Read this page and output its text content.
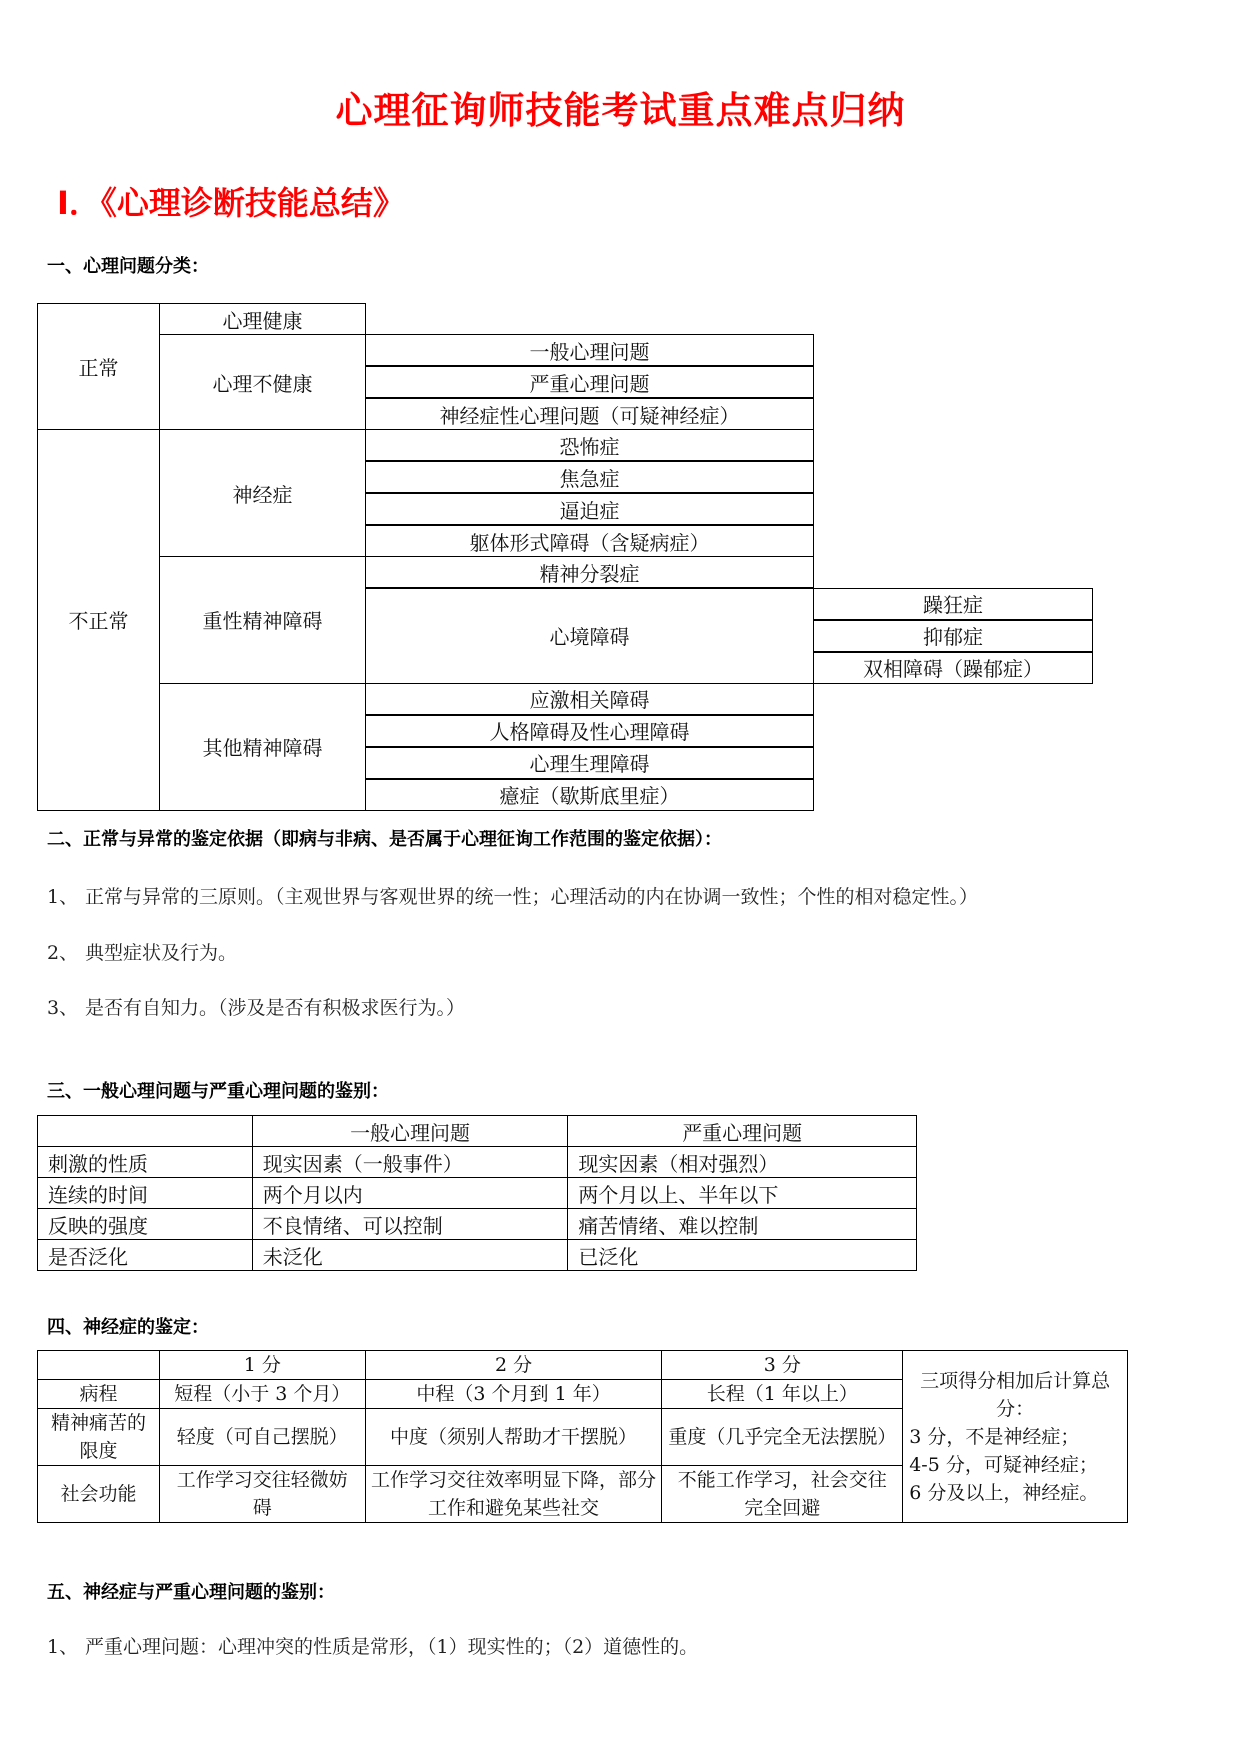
心理征询师技能考试重点难点归纳
Ⅰ．《心理诊断技能总结》
一、心理问题分类：
正常	心理健康		
	心理不健康	一般心理问题	
		严重心理问题	
		神经症性心理问题（可疑神经症）	
不正常	神经症	恐怖症	
		焦急症	
		逼迫症	
		躯体形式障碍（含疑病症）	
	重性精神障碍	精神分裂症	
		心境障碍	躁狂症
			抑郁症
			双相障碍（躁郁症）
	其他精神障碍	应激相关障碍	
		人格障碍及性心理障碍	
		心理生理障碍	
		癔症（歇斯底里症）	
二、正常与异常的鉴定依据（即病与非病、是否属于心理征询工作范围的鉴定依据）：
1、 正常与异常的三原则。（主观世界与客观世界的统一性；心理活动的内在协调一致性；个性的相对稳定性。）
2、 典型症状及行为。
3、 是否有自知力。（涉及是否有积极求医行为。）
三、一般心理问题与严重心理问题的鉴别：
	一般心理问题	严重心理问题
刺激的性质	现实因素（一般事件）	现实因素（相对强烈）
连续的时间	两个月以内	两个月以上、半年以下
反映的强度	不良情绪、可以控制	痛苦情绪、难以控制
是否泛化	未泛化	已泛化
四、神经症的鉴定：
	1 分	2 分	3 分	三项得分相加后计算总分：
3 分，不是神经症；
4-5 分，可疑神经症；
6 分及以上，神经症。

病程	短程（小于 3 个月）	中程（3 个月到 1 年）	长程（1 年以上）	
精神痛苦的限度	轻度（可自己摆脱）	中度（须别人帮助才干摆脱）	重度（几乎完全无法摆脱）	
社会功能	工作学习交往轻微妨碍	工作学习交往效率明显下降，部分工作和避免某些社交	不能工作学习，社会交往完全回避	
五、神经症与严重心理问题的鉴别：
1、 严重心理问题：心理冲突的性质是常形，（1）现实性的；（2）道德性的。
